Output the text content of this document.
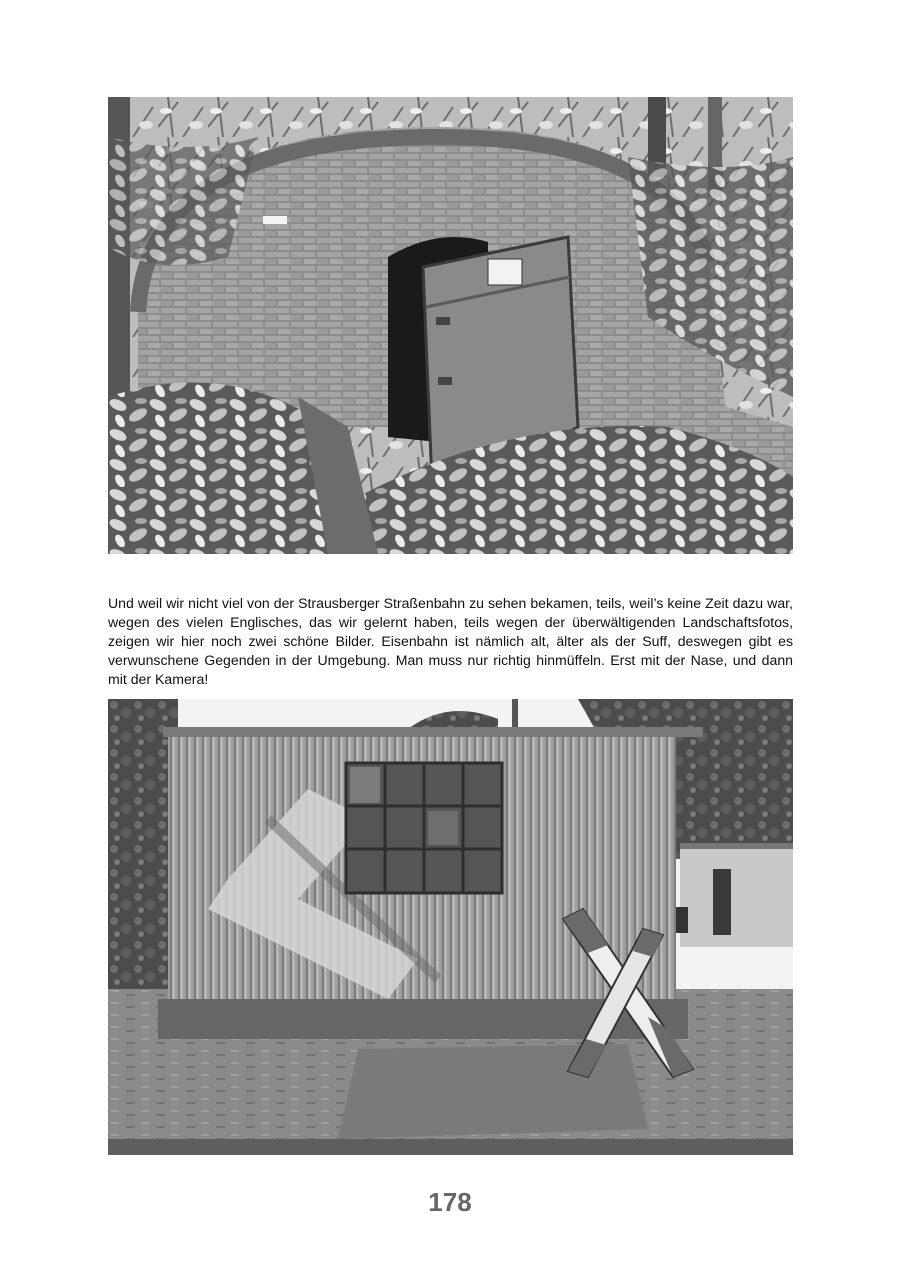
Und weil wir nicht viel von der Strausberger Straßenbahn zu sehen bekamen, teils, weil’s keine Zeit dazu war, wegen des vielen Englisches, das wir gelernt haben, teils wegen der überwältigenden Landschaftsfotos, zeigen wir hier noch zwei schöne Bilder. Eisenbahn ist nämlich alt, älter als der Suff, deswegen gibt es verwunschene Gegenden in der Umgebung. Man muss nur richtig hinmüffeln. Erst mit der Nase, und dann mit der Kamera!

178
